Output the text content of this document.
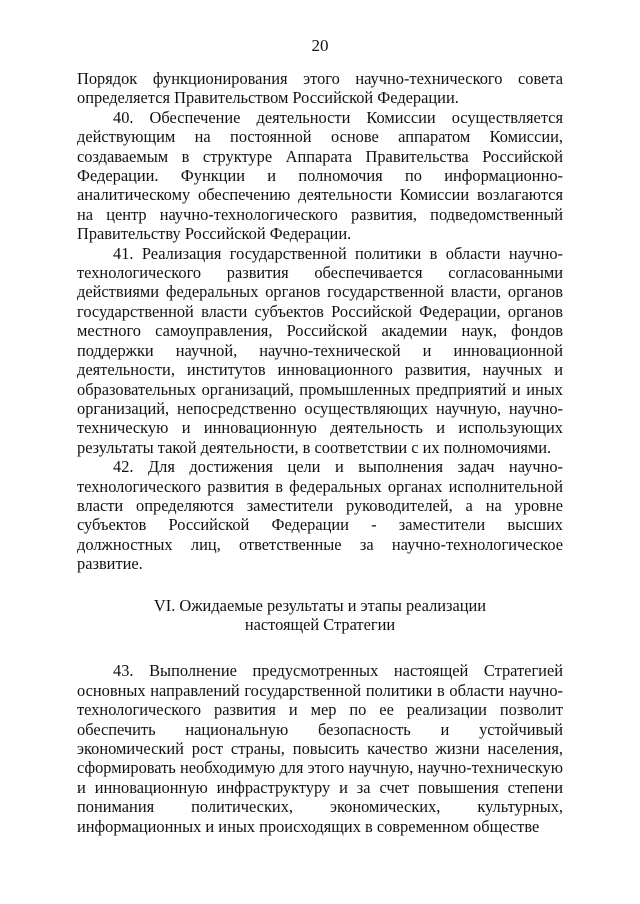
20

Порядок функционирования этого научно-технического совета определяется Правительством Российской Федерации.

40. Обеспечение деятельности Комиссии осуществляется действующим на постоянной основе аппаратом Комиссии, создаваемым в структуре Аппарата Правительства Российской Федерации. Функции и полномочия по информационно-аналитическому обеспечению деятельности Комиссии возлагаются на центр научно-технологического развития, подведомственный Правительству Российской Федерации.

41. Реализация государственной политики в области научно-технологического развития обеспечивается согласованными действиями федеральных органов государственной власти, органов государственной власти субъектов Российской Федерации, органов местного самоуправления, Российской академии наук, фондов поддержки научной, научно-технической и инновационной деятельности, институтов инновационного развития, научных и образовательных организаций, промышленных предприятий и иных организаций, непосредственно осуществляющих научную, научно-техническую и инновационную деятельность и использующих результаты такой деятельности, в соответствии с их полномочиями.

42. Для достижения цели и выполнения задач научно-технологического развития в федеральных органах исполнительной власти определяются заместители руководителей, а на уровне субъектов Российской Федерации - заместители высших должностных лиц, ответственные за научно-технологическое развитие.

VI. Ожидаемые результаты и этапы реализации
настоящей Стратегии

43. Выполнение предусмотренных настоящей Стратегией основных направлений государственной политики в области научно-технологического развития и мер по ее реализации позволит обеспечить национальную безопасность и устойчивый экономический рост страны, повысить качество жизни населения, сформировать необходимую для этого научную, научно-техническую и инновационную инфраструктуру и за счет повышения степени понимания политических, экономических, культурных, информационных и иных происходящих в современном обществе
